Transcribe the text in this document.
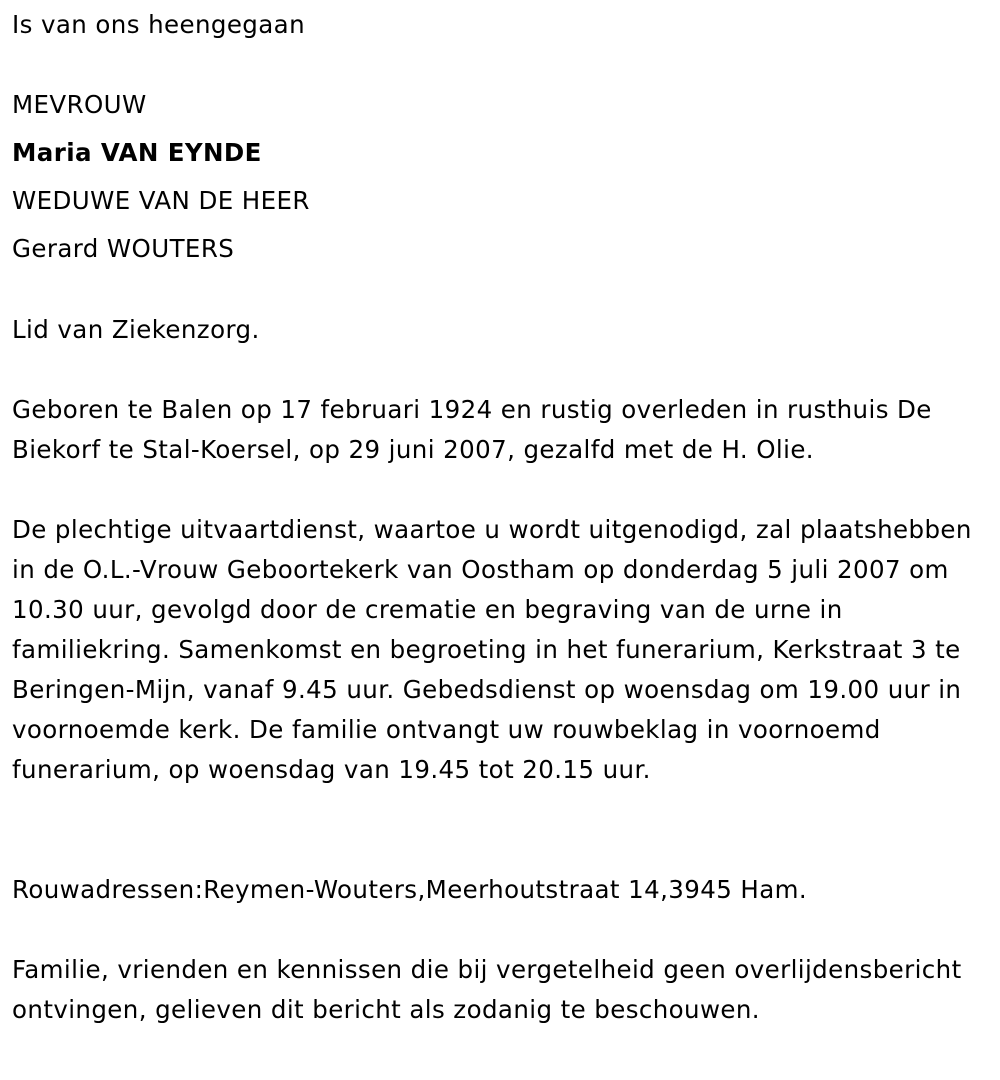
Is van ons heengegaan
MEVROUW
Maria VAN EYNDE
WEDUWE VAN DE HEER
Gerard WOUTERS
Lid van Ziekenzorg.
Geboren te Balen op 17 februari 1924 en rustig overleden in rusthuis De Biekorf te Stal-Koersel, op 29 juni 2007, gezalfd met de H. Olie.
De plechtige uitvaartdienst, waartoe u wordt uitgenodigd, zal plaatshebben in de O.L.-Vrouw Geboortekerk van Oostham op donderdag 5 juli 2007 om 10.30 uur, gevolgd door de crematie en begraving van de urne in familiekring. Samenkomst en begroeting in het funerarium, Kerkstraat 3 te Beringen-Mijn, vanaf 9.45 uur. Gebedsdienst op woensdag om 19.00 uur in voornoemde kerk. De familie ontvangt uw rouwbeklag in voornoemd funerarium, op woensdag van 19.45 tot 20.15 uur.
Rouwadressen:Reymen-Wouters,Meerhoutstraat 14,3945 Ham.
Familie, vrienden en kennissen die bij vergetelheid geen overlijdensbericht ontvingen, gelieven dit bericht als zodanig te beschouwen.
